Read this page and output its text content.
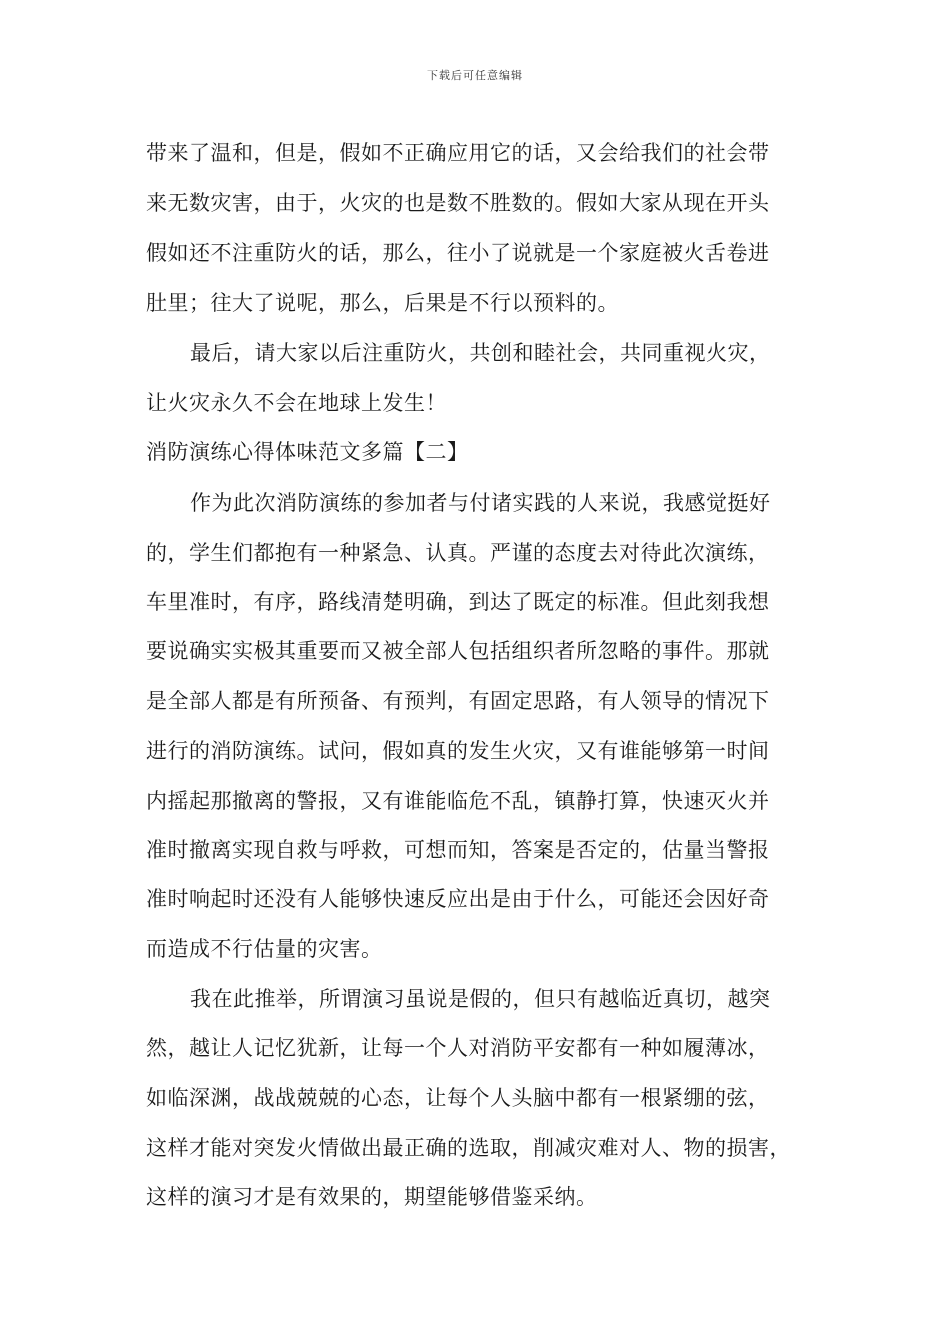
下载后可任意编辑
带来了温和，但是，假如不正确应用它的话，又会给我们的社会带
来无数灾害，由于，火灾的也是数不胜数的。假如大家从现在开头
假如还不注重防火的话，那么，往小了说就是一个家庭被火舌卷进
肚里；往大了说呢，那么，后果是不行以预料的。
最后，请大家以后注重防火，共创和睦社会，共同重视火灾，
让火灾永久不会在地球上发生！
消防演练心得体味范文多篇【二】
作为此次消防演练的参加者与付诸实践的人来说，我感觉挺好
的，学生们都抱有一种紧急、认真。严谨的态度去对待此次演练，
车里准时，有序，路线清楚明确，到达了既定的标准。但此刻我想
要说确实实极其重要而又被全部人包括组织者所忽略的事件。那就
是全部人都是有所预备、有预判，有固定思路，有人领导的情况下
进行的消防演练。试问，假如真的发生火灾，又有谁能够第一时间
内摇起那撤离的警报，又有谁能临危不乱，镇静打算，快速灭火并
准时撤离实现自救与呼救，可想而知，答案是否定的，估量当警报
准时响起时还没有人能够快速反应出是由于什么，可能还会因好奇
而造成不行估量的灾害。
我在此推举，所谓演习虽说是假的，但只有越临近真切，越突
然，越让人记忆犹新，让每一个人对消防平安都有一种如履薄冰，
如临深渊，战战兢兢的心态，让每个人头脑中都有一根紧绷的弦，
这样才能对突发火情做出最正确的选取，削减灾难对人、物的损害，
这样的演习才是有效果的，期望能够借鉴采纳。
